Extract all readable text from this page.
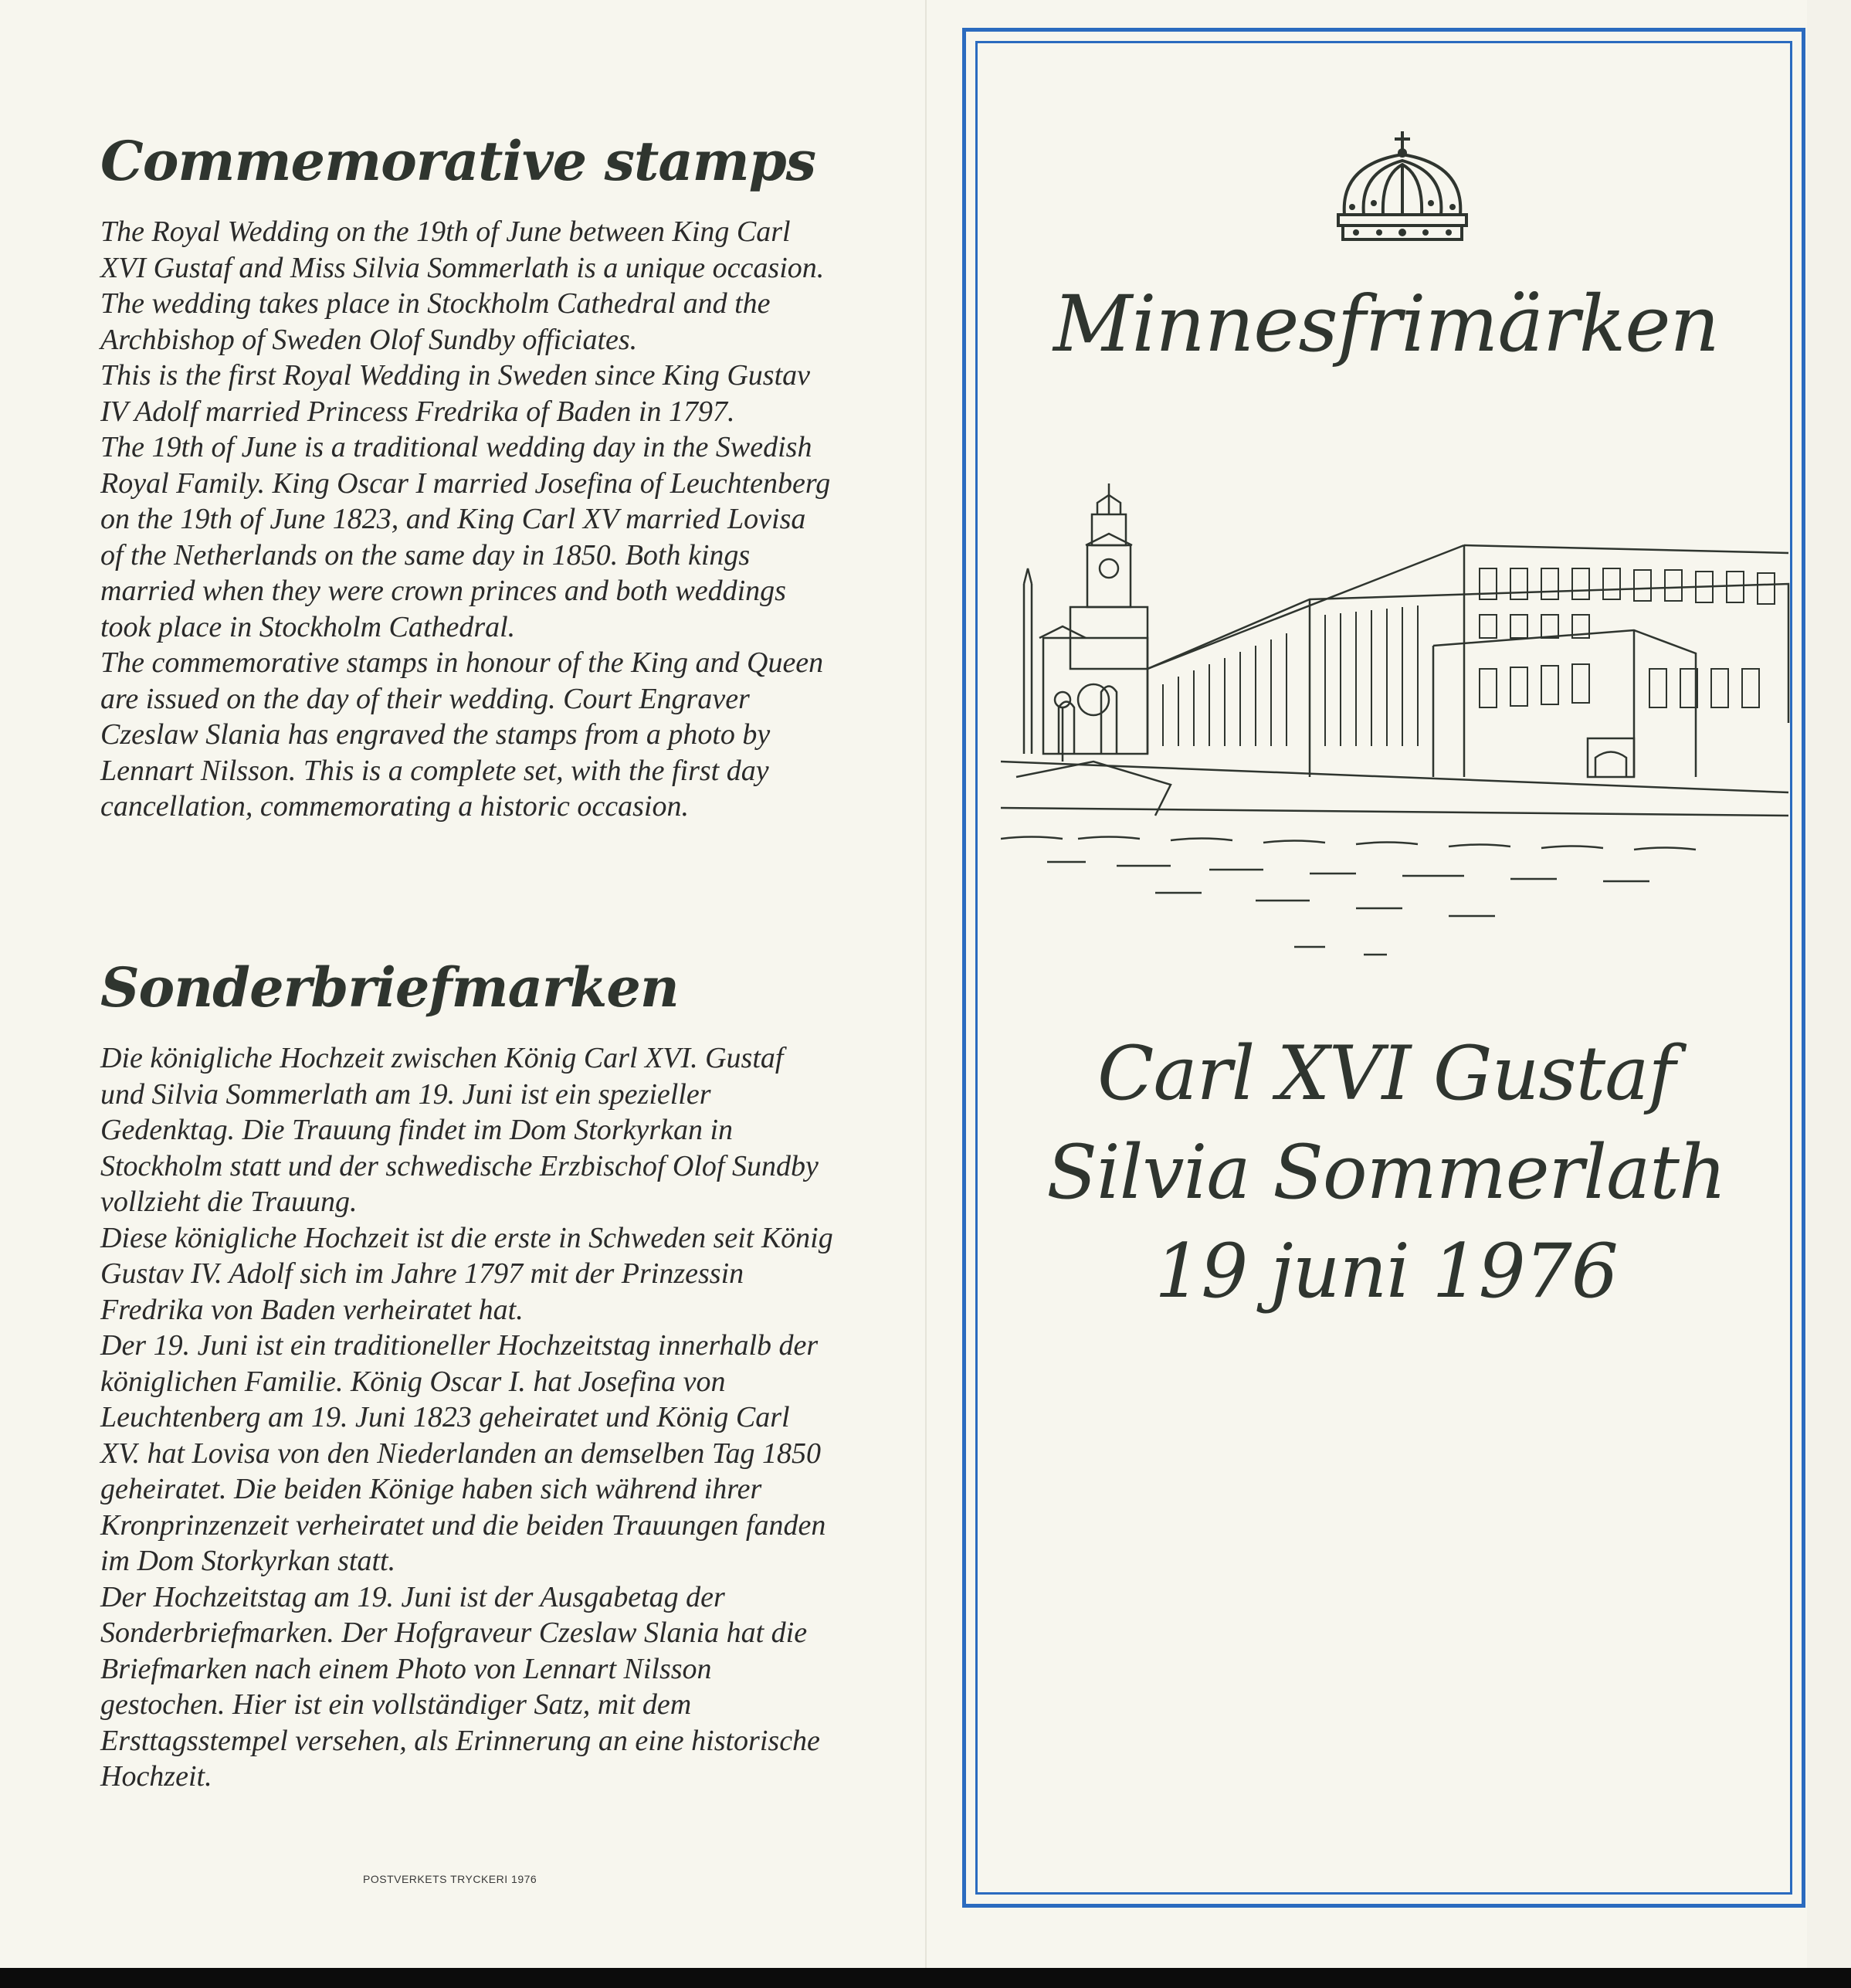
Commemorative stamps

The Royal Wedding on the 19th of June between King Carl XVI Gustaf and Miss Silvia Sommerlath is a unique occasion. The wedding takes place in Stockholm Cathedral and the Archbishop of Sweden Olof Sundby officiates.

This is the first Royal Wedding in Sweden since King Gustav IV Adolf married Princess Fredrika of Baden in 1797.

The 19th of June is a traditional wedding day in the Swedish Royal Family. King Oscar I married Josefina of Leuchtenberg on the 19th of June 1823, and King Carl XV married Lovisa of the Netherlands on the same day in 1850. Both kings married when they were crown princes and both weddings took place in Stockholm Cathedral.

The commemorative stamps in honour of the King and Queen are issued on the day of their wedding. Court Engraver Czeslaw Slania has engraved the stamps from a photo by Lennart Nilsson. This is a complete set, with the first day cancellation, commemorating a historic occasion.

Sonderbriefmarken

Die königliche Hochzeit zwischen König Carl XVI. Gustaf und Silvia Sommerlath am 19. Juni ist ein spezieller Gedenktag. Die Trauung findet im Dom Storkyrkan in Stockholm statt und der schwedische Erzbischof Olof Sundby vollzieht die Trauung.

Diese königliche Hochzeit ist die erste in Schweden seit König Gustav IV. Adolf sich im Jahre 1797 mit der Prinzessin Fredrika von Baden verheiratet hat.

Der 19. Juni ist ein traditioneller Hochzeitstag innerhalb der königlichen Familie. König Oscar I. hat Josefina von Leuchtenberg am 19. Juni 1823 geheiratet und König Carl XV. hat Lovisa von den Niederlanden an demselben Tag 1850 geheiratet. Die beiden Könige haben sich während ihrer Kronprinzenzeit verheiratet und die beiden Trauungen fanden im Dom Storkyrkan statt.

Der Hochzeitstag am 19. Juni ist der Ausgabetag der Sonderbriefmarken. Der Hofgraveur Czeslaw Slania hat die Briefmarken nach einem Photo von Lennart Nilsson gestochen. Hier ist ein vollständiger Satz, mit dem Ersttagsstempel versehen, als Erinnerung an eine historische Hochzeit.

POSTVERKETS TRYCKERI 1976
Minnesfrimärken
Carl XVI Gustaf
Silvia Sommerlath
19 juni 1976
